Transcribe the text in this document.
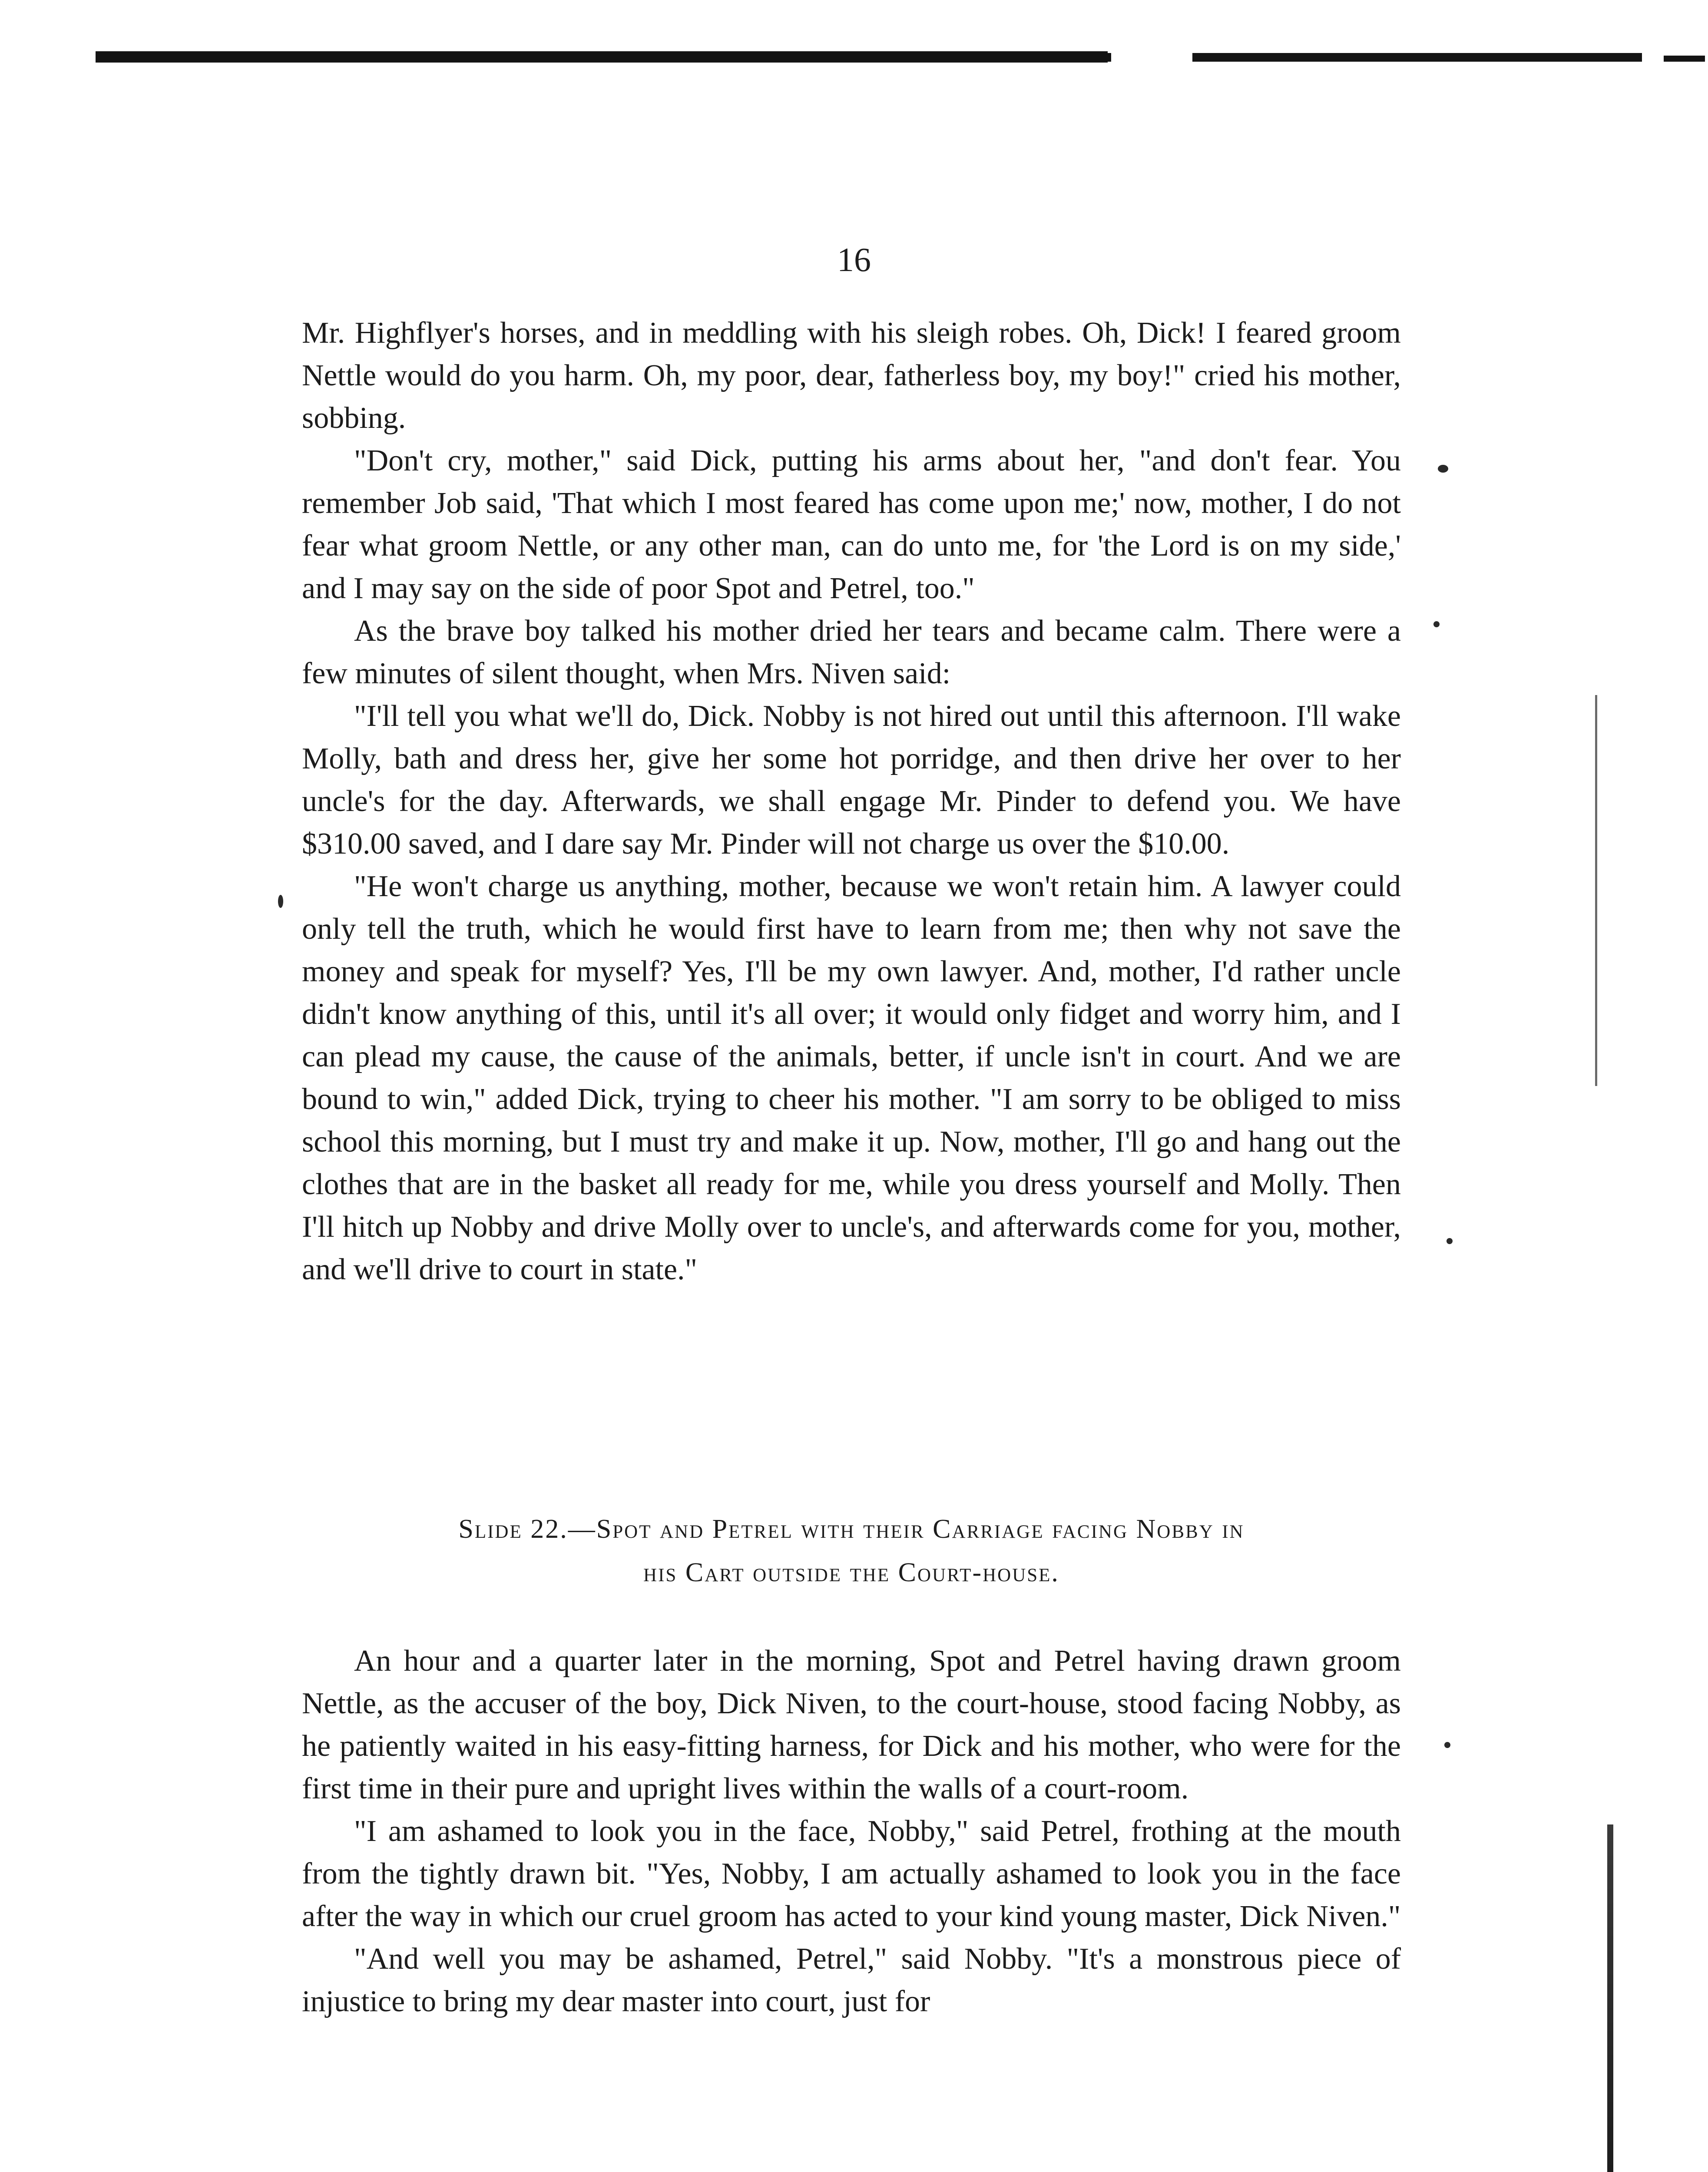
16

Mr. Highflyer's horses, and in meddling with his sleigh robes. Oh, Dick! I feared groom Nettle would do you harm. Oh, my poor, dear, fatherless boy, my boy!" cried his mother, sobbing.

"Don't cry, mother," said Dick, putting his arms about her, "and don't fear. You remember Job said, 'That which I most feared has come upon me;' now, mother, I do not fear what groom Nettle, or any other man, can do unto me, for 'the Lord is on my side,' and I may say on the side of poor Spot and Petrel, too."

As the brave boy talked his mother dried her tears and became calm. There were a few minutes of silent thought, when Mrs. Niven said:

"I'll tell you what we'll do, Dick. Nobby is not hired out until this afternoon. I'll wake Molly, bath and dress her, give her some hot porridge, and then drive her over to her uncle's for the day. Afterwards, we shall engage Mr. Pinder to defend you. We have $310.00 saved, and I dare say Mr. Pinder will not charge us over the $10.00.

"He won't charge us anything, mother, because we won't retain him. A lawyer could only tell the truth, which he would first have to learn from me; then why not save the money and speak for myself? Yes, I'll be my own lawyer. And, mother, I'd rather uncle didn't know anything of this, until it's all over; it would only fidget and worry him, and I can plead my cause, the cause of the animals, better, if uncle isn't in court. And we are bound to win," added Dick, trying to cheer his mother. "I am sorry to be obliged to miss school this morning, but I must try and make it up. Now, mother, I'll go and hang out the clothes that are in the basket all ready for me, while you dress yourself and Molly. Then I'll hitch up Nobby and drive Molly over to uncle's, and afterwards come for you, mother, and we'll drive to court in state."

Slide 22.—Spot and Petrel with their Carriage facing Nobby in
his Cart outside the Court-house.

An hour and a quarter later in the morning, Spot and Petrel having drawn groom Nettle, as the accuser of the boy, Dick Niven, to the court-house, stood facing Nobby, as he patiently waited in his easy-fitting harness, for Dick and his mother, who were for the first time in their pure and upright lives within the walls of a court-room.

"I am ashamed to look you in the face, Nobby," said Petrel, frothing at the mouth from the tightly drawn bit. "Yes, Nobby, I am actually ashamed to look you in the face after the way in which our cruel groom has acted to your kind young master, Dick Niven."

"And well you may be ashamed, Petrel," said Nobby. "It's a monstrous piece of injustice to bring my dear master into court, just for
